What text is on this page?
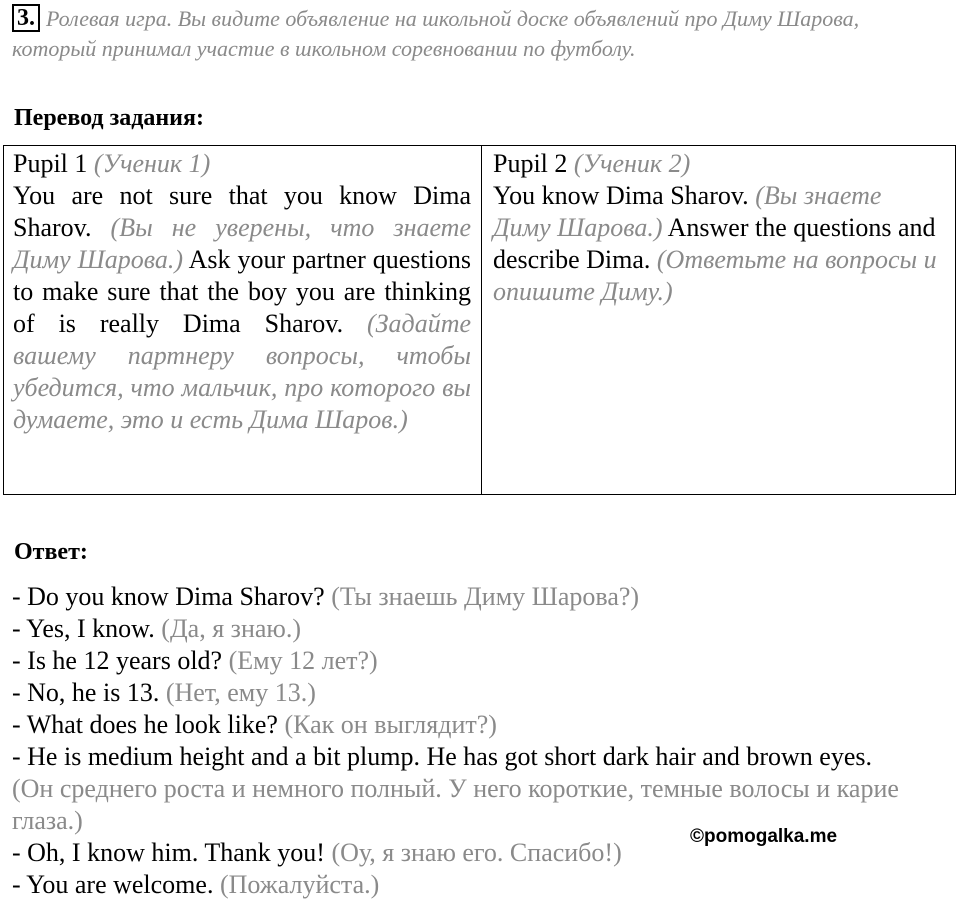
3. Ролевая игра. Вы видите объявление на школьной доске объявлений про Диму Шарова,
который принимал участие в школьном соревновании по футболу.
Перевод задания:
Pupil 1 (Ученик 1)
You are not sure that you know Dima Sharov. (Вы не уверены, что знаете Диму Шарова.) Ask your partner questions to make sure that the boy you are thinking of is really Dima Sharov. (Задайте вашему партнеру вопросы, чтобы убедится, что мальчик, про которого вы думаете, это и есть Дима Шаров.)
Pupil 2 (Ученик 2)
You know Dima Sharov. (Вы знаете Диму Шарова.) Answer the questions and describe Dima. (Ответьте на вопросы и опишите Диму.)
Ответ:
- Do you know Dima Sharov? (Ты знаешь Диму Шарова?)
- Yes, I know. (Да, я знаю.)
- Is he 12 years old? (Ему 12 лет?)
- No, he is 13. (Нет, ему 13.)
- What does he look like? (Как он выглядит?)
- He is medium height and a bit plump. He has got short dark hair and brown eyes.
(Он среднего роста и немного полный. У него короткие, темные волосы и карие глаза.)
- Oh, I know him. Thank you! (Оу, я знаю его. Спасибо!)
- You are welcome. (Пожалуйста.)
©pomogalka.me
